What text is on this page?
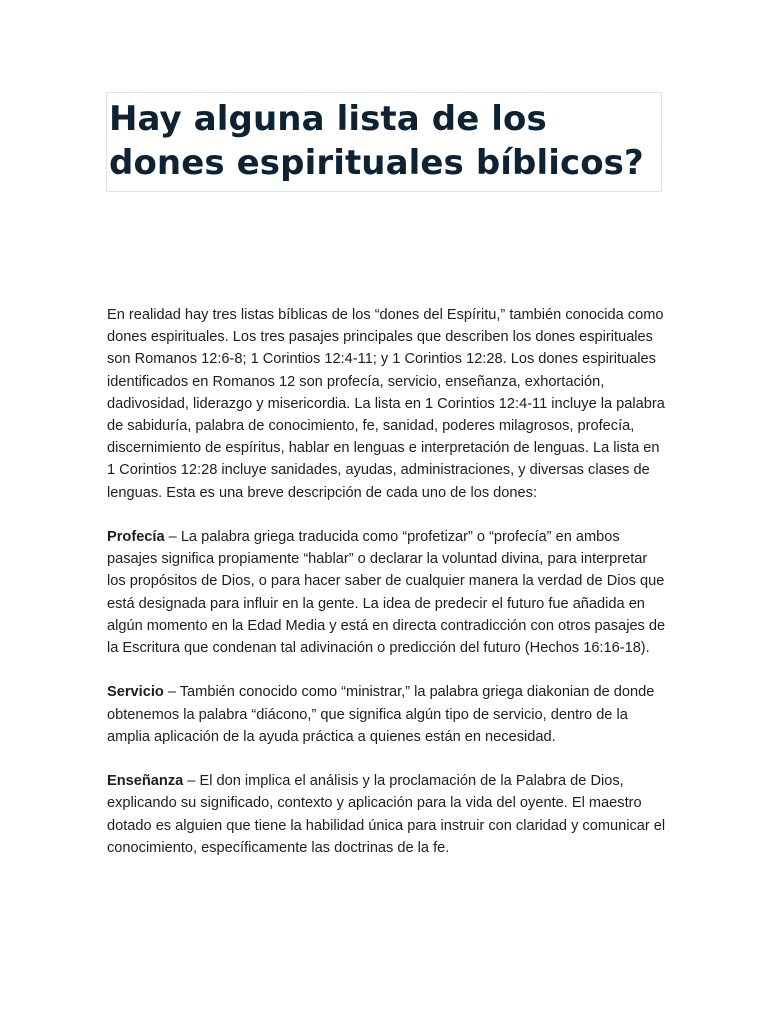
Hay alguna lista de los dones espirituales bíblicos?

En realidad hay tres listas bíblicas de los “dones del Espíritu,” también conocida como dones espirituales. Los tres pasajes principales que describen los dones espirituales son Romanos 12:6-8; 1 Corintios 12:4-11; y 1 Corintios 12:28. Los dones espirituales identificados en Romanos 12 son profecía, servicio, enseñanza, exhortación, dadivosidad, liderazgo y misericordia. La lista en 1 Corintios 12:4-11 incluye la palabra de sabiduría, palabra de conocimiento, fe, sanidad, poderes milagrosos, profecía, discernimiento de espíritus, hablar en lenguas e interpretación de lenguas. La lista en 1 Corintios 12:28 incluye sanidades, ayudas, administraciones, y diversas clases de lenguas. Esta es una breve descripción de cada uno de los dones:

Profecía – La palabra griega traducida como “profetizar” o “profecía” en ambos pasajes significa propiamente “hablar” o declarar la voluntad divina, para interpretar los propósitos de Dios, o para hacer saber de cualquier manera la verdad de Dios que está designada para influir en la gente. La idea de predecir el futuro fue añadida en algún momento en la Edad Media y está en directa contradicción con otros pasajes de la Escritura que condenan tal adivinación o predicción del futuro (Hechos 16:16-18).

Servicio – También conocido como “ministrar,” la palabra griega diakonian de donde obtenemos la palabra “diácono,” que significa algún tipo de servicio, dentro de la amplia aplicación de la ayuda práctica a quienes están en necesidad.

Enseñanza – El don implica el análisis y la proclamación de la Palabra de Dios, explicando su significado, contexto y aplicación para la vida del oyente. El maestro dotado es alguien que tiene la habilidad única para instruir con claridad y comunicar el conocimiento, específicamente las doctrinas de la fe.
